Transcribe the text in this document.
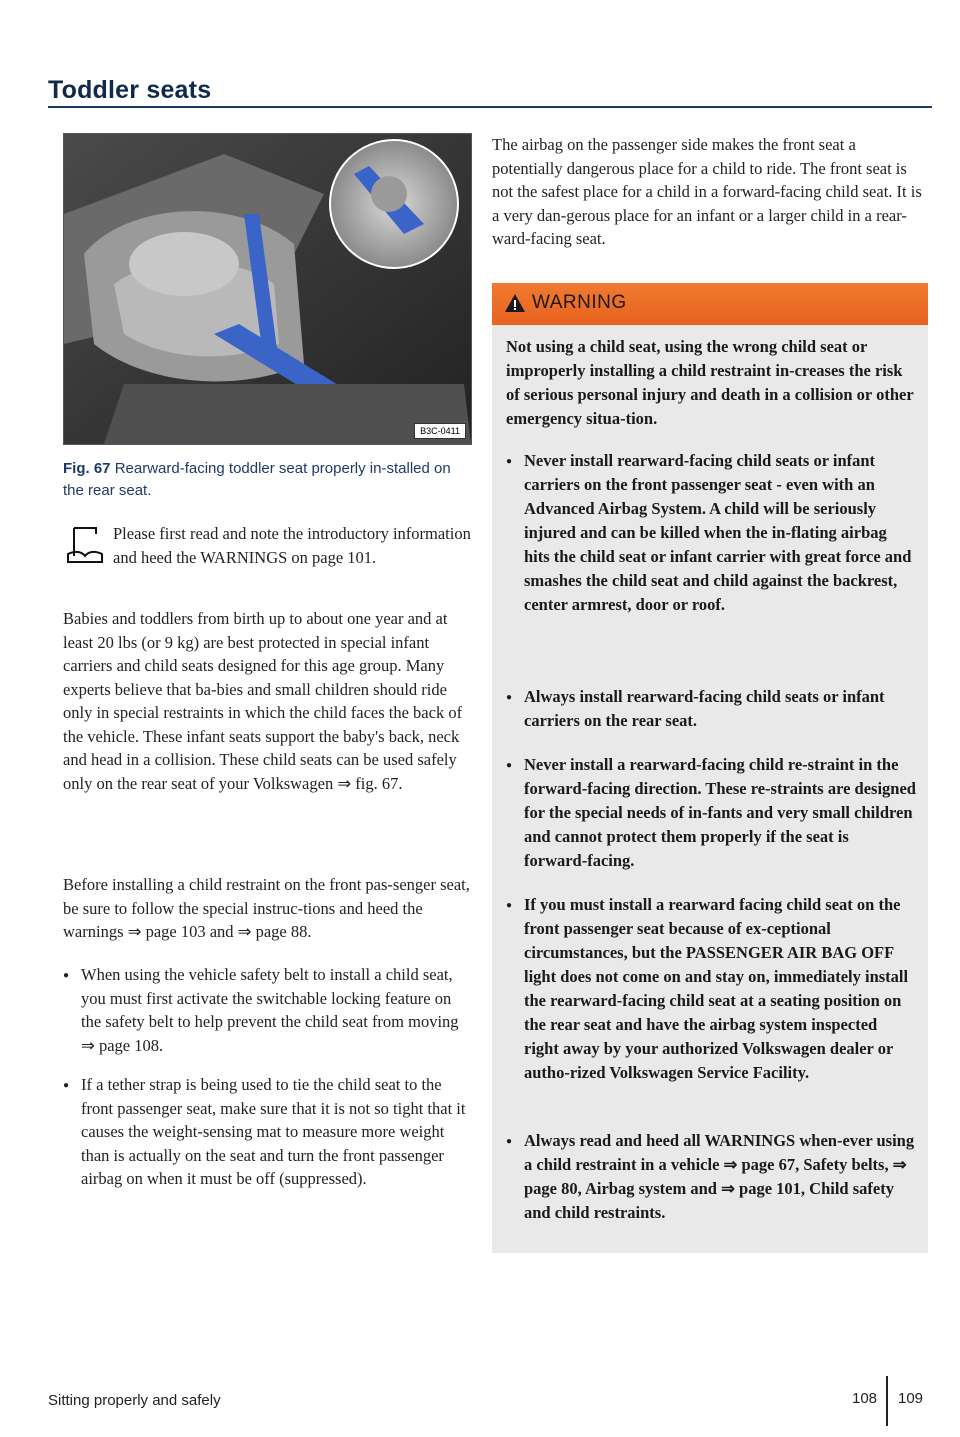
Toddler seats
B3C-0411
Fig. 67 Rearward-facing toddler seat properly in-stalled on the rear seat.

Please first read and note the introductory information and heed the WARNINGS on page 101.

Babies and toddlers from birth up to about one year and at least 20 lbs (or 9 kg) are best protected in special infant carriers and child seats designed for this age group. Many experts believe that ba-bies and small children should ride only in special restraints in which the child faces the back of the vehicle. These infant seats support the baby's back, neck and head in a collision. These child seats can be used safely only on the rear seat of your Volkswagen ⇒ fig. 67.

Before installing a child restraint on the front pas-senger seat, be sure to follow the special instruc-tions and heed the warnings ⇒ page 103 and ⇒ page 88.

● When using the vehicle safety belt to install a child seat, you must first activate the switchable locking feature on the safety belt to help prevent the child seat from moving ⇒ page 108.

● If a tether strap is being used to tie the child seat to the front passenger seat, make sure that it is not so tight that it causes the weight-sensing mat to measure more weight than is actually on the seat and turn the front passenger airbag on when it must be off (suppressed).

The airbag on the passenger side makes the front seat a potentially dangerous place for a child to ride. The front seat is not the safest place for a child in a forward-facing child seat. It is a very dan-gerous place for an infant or a larger child in a rear-ward-facing seat.

WARNING

Not using a child seat, using the wrong child seat or improperly installing a child restraint in-creases the risk of serious personal injury and death in a collision or other emergency situa-tion.

● Never install rearward-facing child seats or infant carriers on the front passenger seat - even with an Advanced Airbag System. A child will be seriously injured and can be killed when the in-flating airbag hits the child seat or infant carrier with great force and smashes the child seat and child against the backrest, center armrest, door or roof.

● Always install rearward-facing child seats or infant carriers on the rear seat.

● Never install a rearward-facing child re-straint in the forward-facing direction. These re-straints are designed for the special needs of in-fants and very small children and cannot protect them properly if the seat is forward-facing.

● If you must install a rearward facing child seat on the front passenger seat because of ex-ceptional circumstances, but the PASSENGER AIR BAG OFF light does not come on and stay on, immediately install the rearward-facing child seat at a seating position on the rear seat and have the airbag system inspected right away by your authorized Volkswagen dealer or autho-rized Volkswagen Service Facility.

● Always read and heed all WARNINGS when-ever using a child restraint in a vehicle ⇒ page 67, Safety belts, ⇒ page 80, Airbag system and ⇒ page 101, Child safety and child restraints.

Sitting properly and safely	108 109
